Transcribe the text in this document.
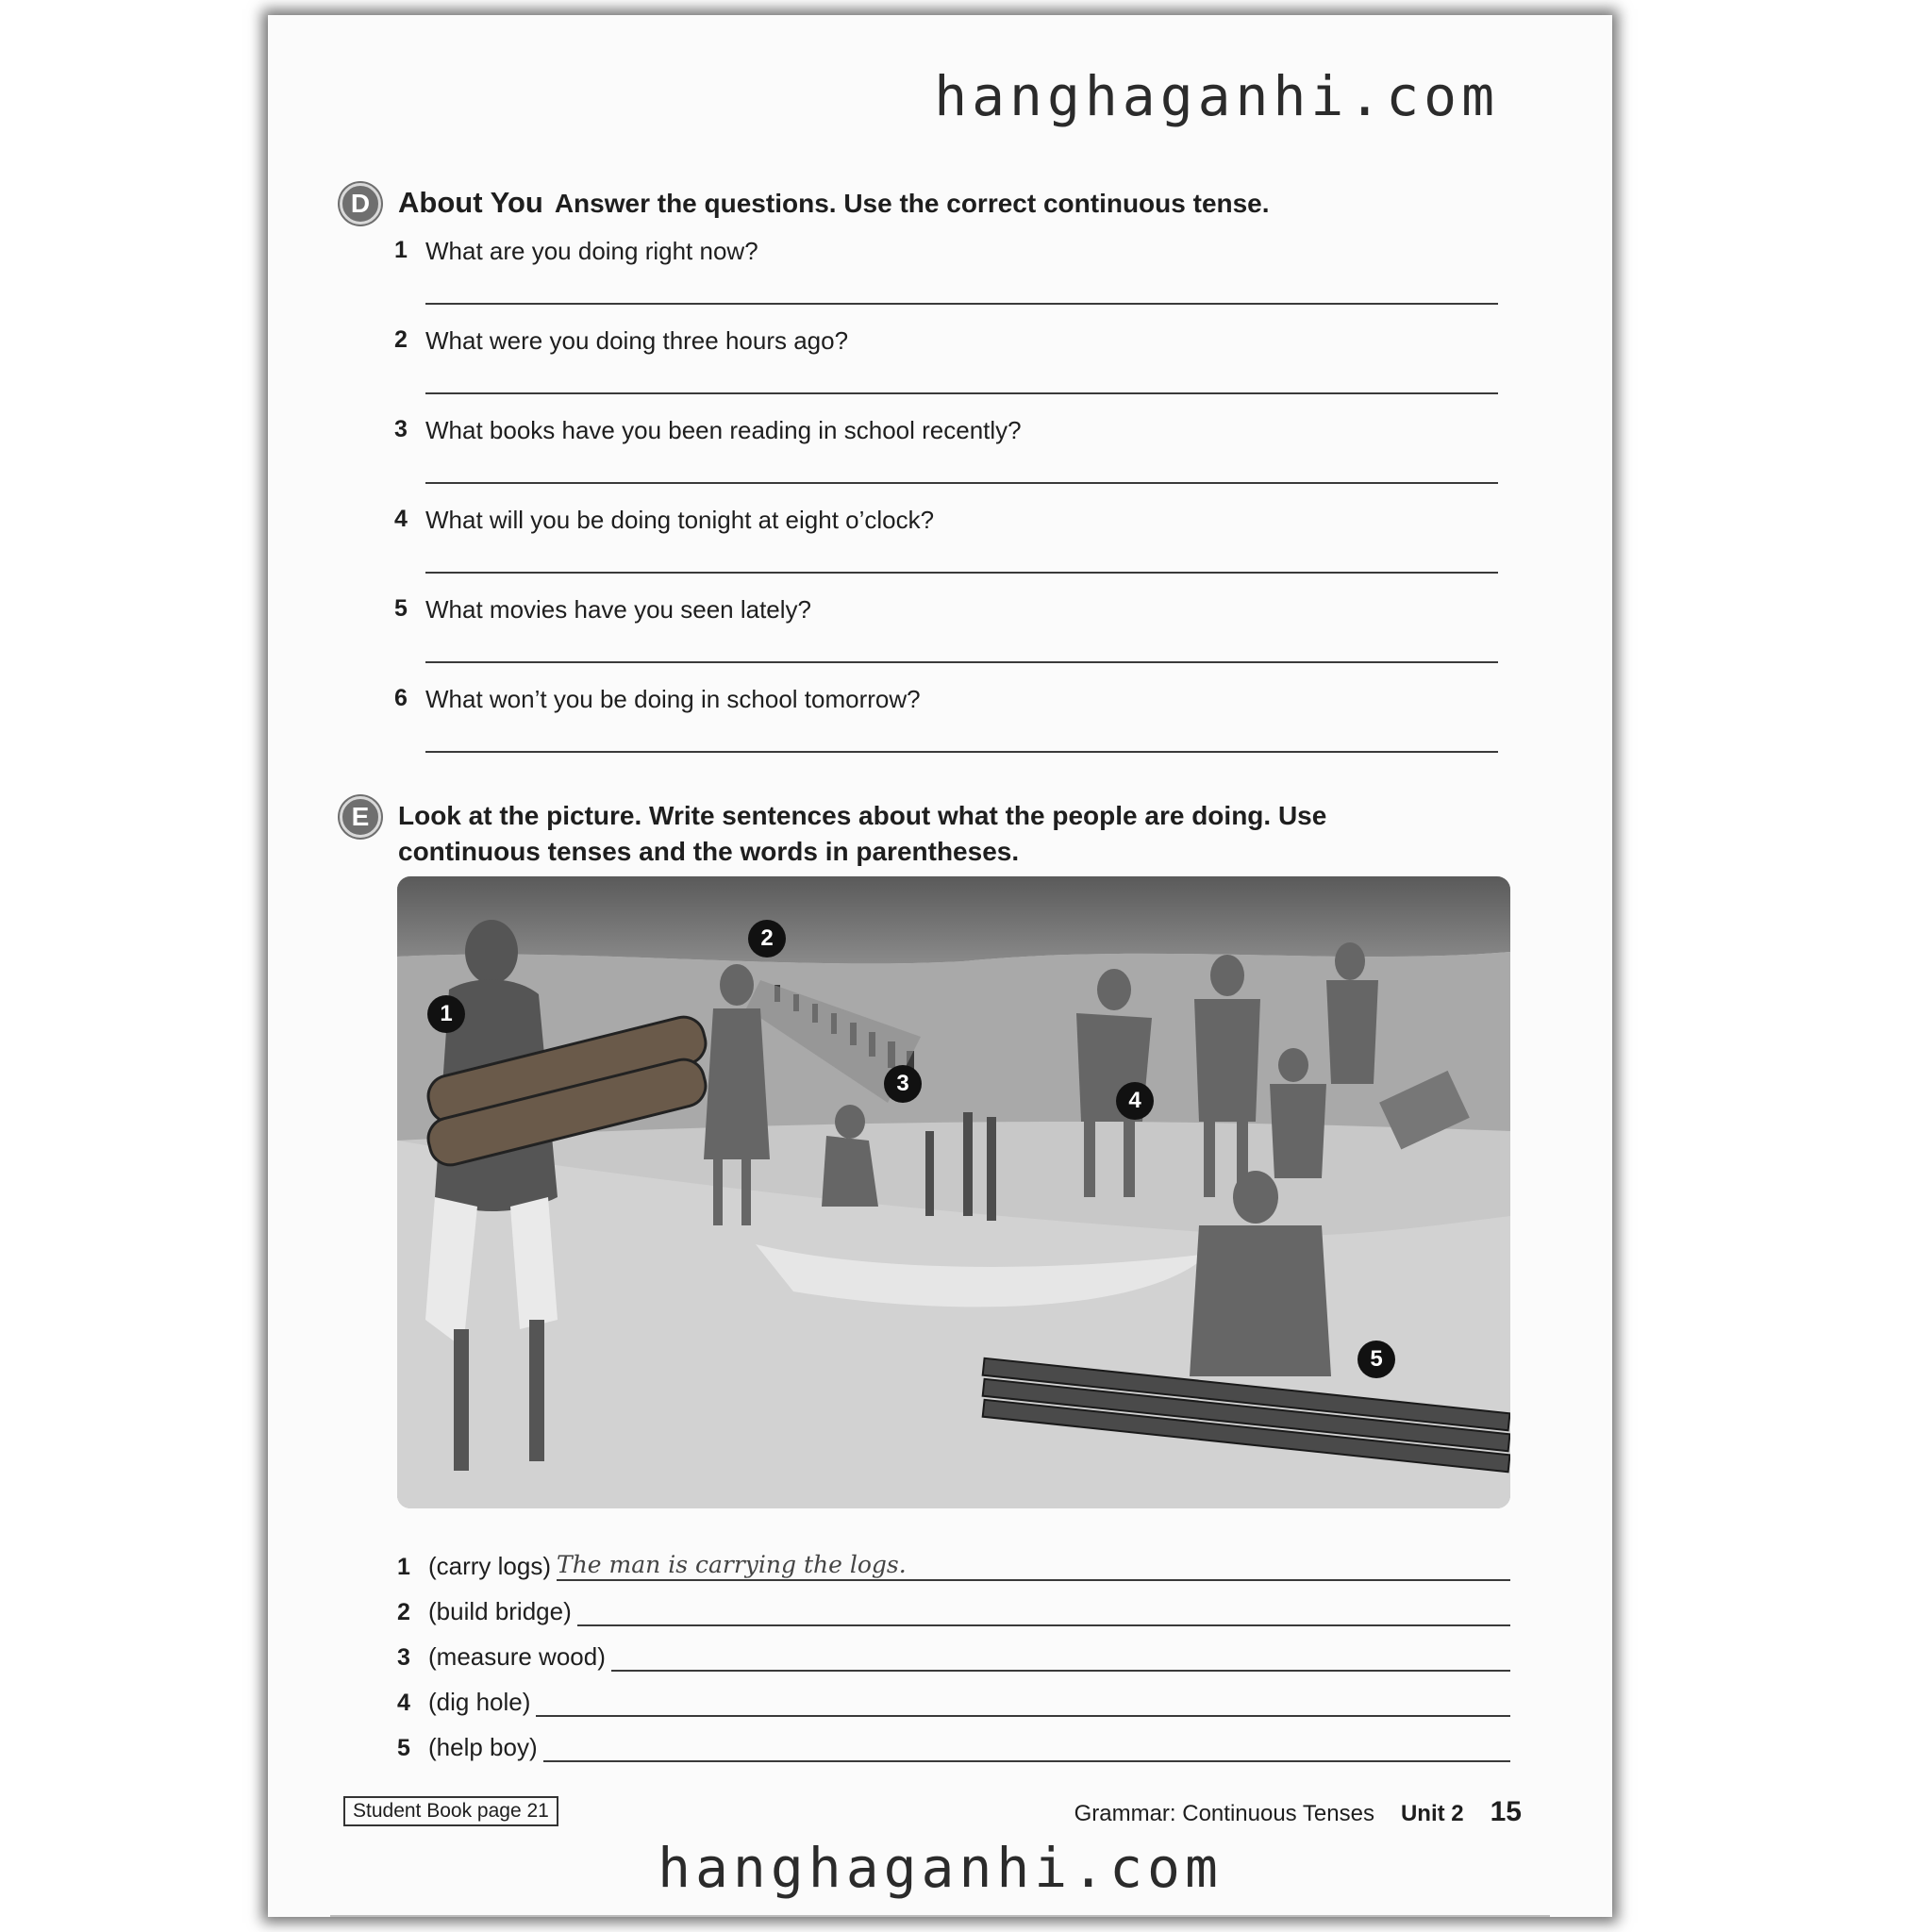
hanghaganhi.com
D About You Answer the questions. Use the correct continuous tense.
1 What are you doing right now?
2 What were you doing three hours ago?
3 What books have you been reading in school recently?
4 What will you be doing tonight at eight o’clock?
5 What movies have you seen lately?
6 What won’t you be doing in school tomorrow?
E	Look at the picture. Write sentences about what the people are doing. Use continuous tenses and the words in parentheses.
1
2
3
4
5
1 (carry logs) The man is carrying the logs.
2 (build bridge)
3 (measure wood)
4 (dig hole)
5 (help boy)
Student Book page 21	Grammar: Continuous Tenses Unit 2 15
hanghaganhi.com
